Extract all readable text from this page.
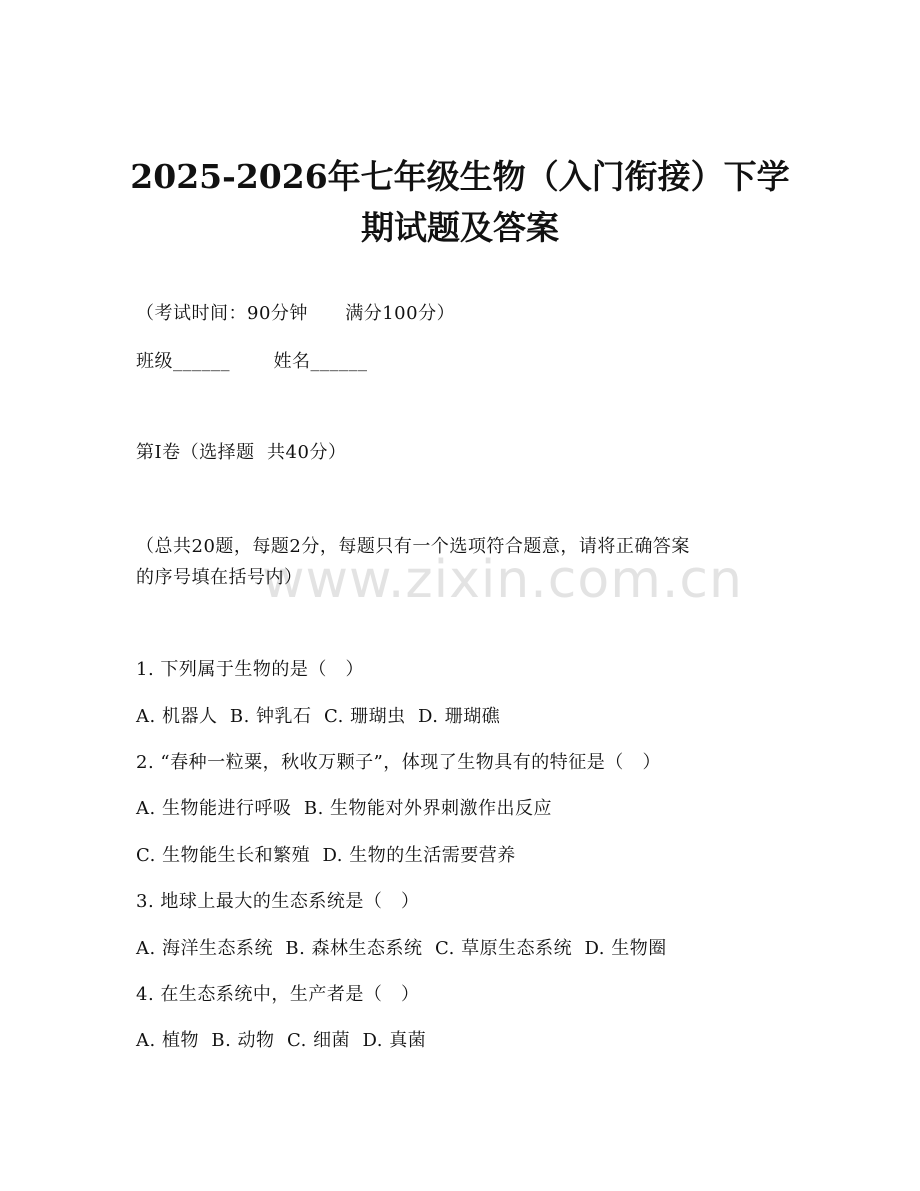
www.zixin.com.cn
2025-2026年七年级生物（入门衔接）下学
期试题及答案
（考试时间：90分钟      满分100分）
班级______       姓名______
第I卷（选择题  共40分）
（总共20题，每题2分，每题只有一个选项符合题意，请将正确答案
的序号填在括号内）
1. 下列属于生物的是（   ）
A. 机器人  B. 钟乳石  C. 珊瑚虫  D. 珊瑚礁
2. “春种一粒粟，秋收万颗子”，体现了生物具有的特征是（   ）
A. 生物能进行呼吸  B. 生物能对外界刺激作出反应
C. 生物能生长和繁殖  D. 生物的生活需要营养
3. 地球上最大的生态系统是（   ）
A. 海洋生态系统  B. 森林生态系统  C. 草原生态系统  D. 生物圈
4. 在生态系统中，生产者是（   ）
A. 植物  B. 动物  C. 细菌  D. 真菌
